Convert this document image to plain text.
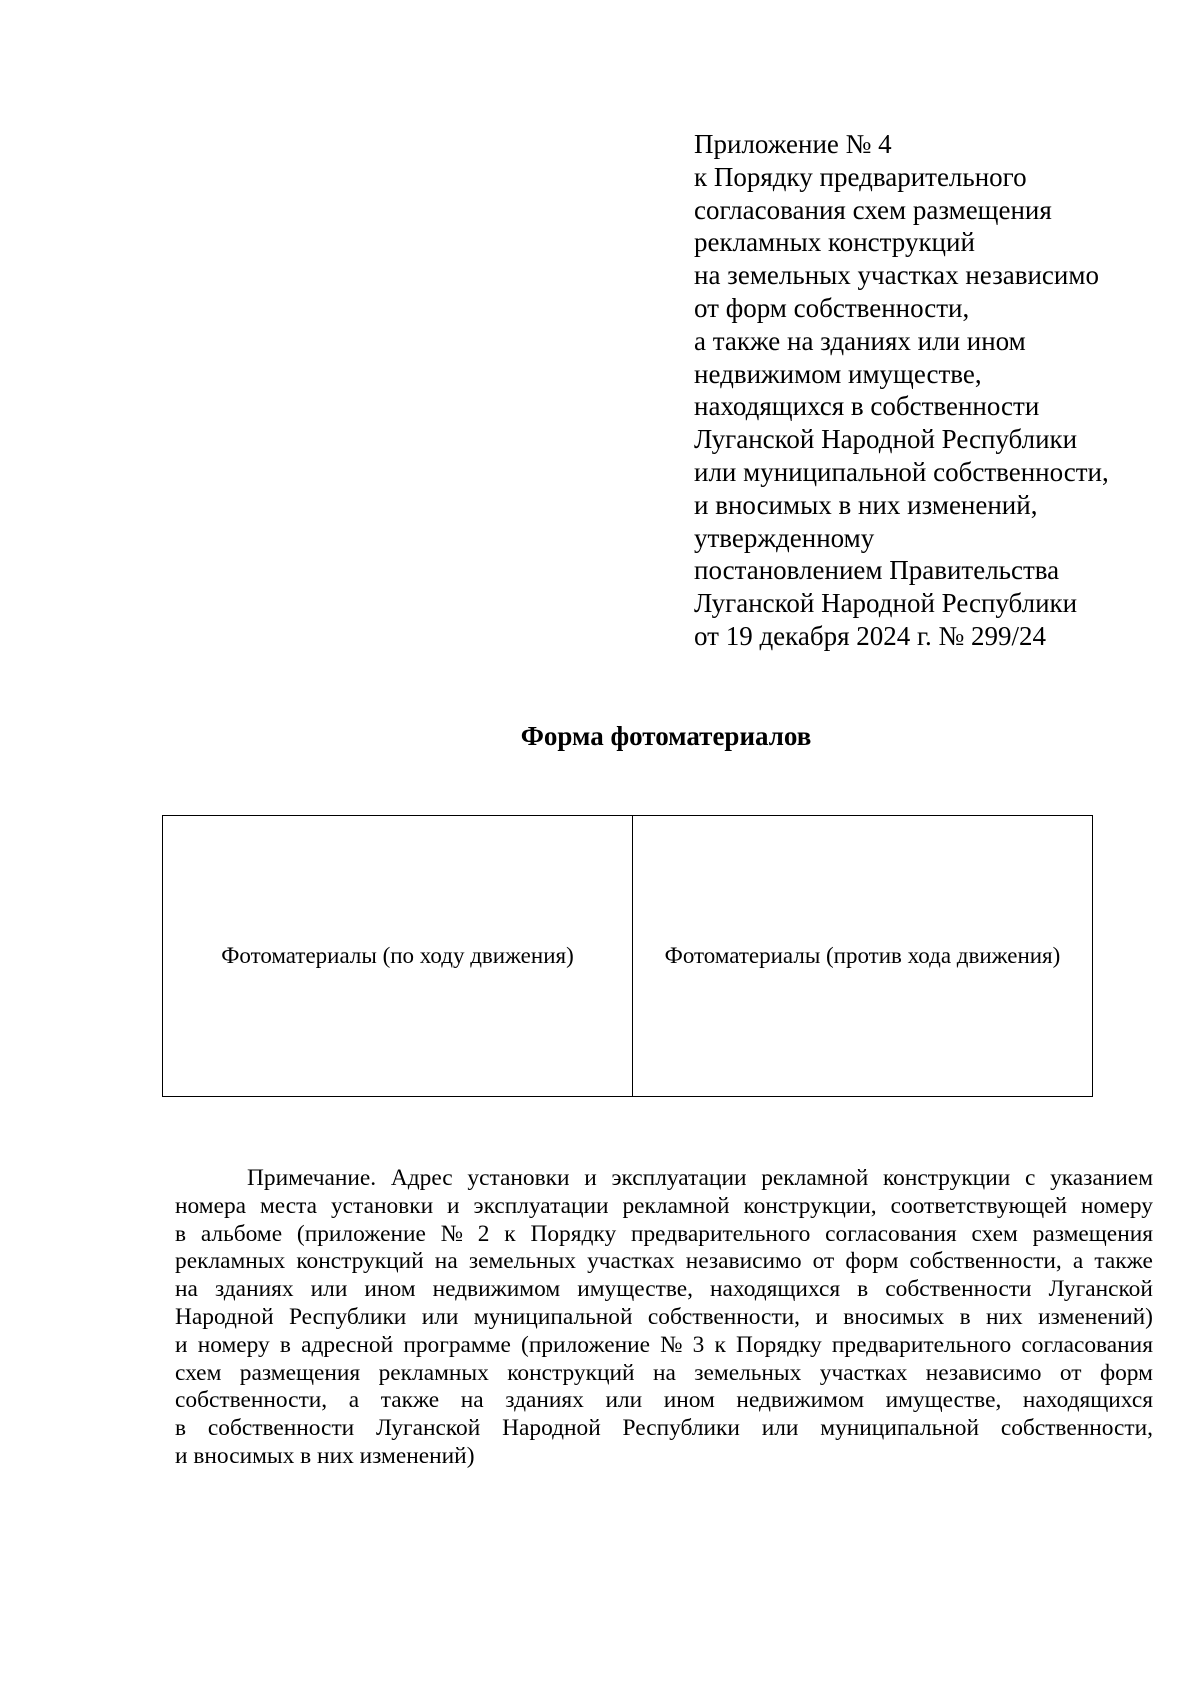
Приложение № 4
к Порядку предварительного
согласования схем размещения
рекламных конструкций
на земельных участках независимо
от форм собственности,
а также на зданиях или ином
недвижимом имуществе,
находящихся в собственности
Луганской Народной Республики
или муниципальной собственности,
и вносимых в них изменений,
утвержденному
постановлением Правительства
Луганской Народной Республики
от 19 декабря 2024 г. № 299/24
Форма фотоматериалов
Фотоматериалы (по ходу движения)	Фотоматериалы (против хода движения)
Примечание. Адрес установки и эксплуатации рекламной конструкции с указанием
номера места установки и эксплуатации рекламной конструкции, соответствующей номеру
в альбоме (приложение № 2 к Порядку предварительного согласования схем размещения
рекламных конструкций на земельных участках независимо от форм собственности, а также
на зданиях или ином недвижимом имуществе, находящихся в собственности Луганской
Народной Республики или муниципальной собственности, и вносимых в них изменений)
и номеру в адресной программе (приложение № 3 к Порядку предварительного согласования
схем размещения рекламных конструкций на земельных участках независимо от форм
собственности, а также на зданиях или ином недвижимом имуществе, находящихся
в собственности Луганской Народной Республики или муниципальной собственности,
и вносимых в них изменений)
